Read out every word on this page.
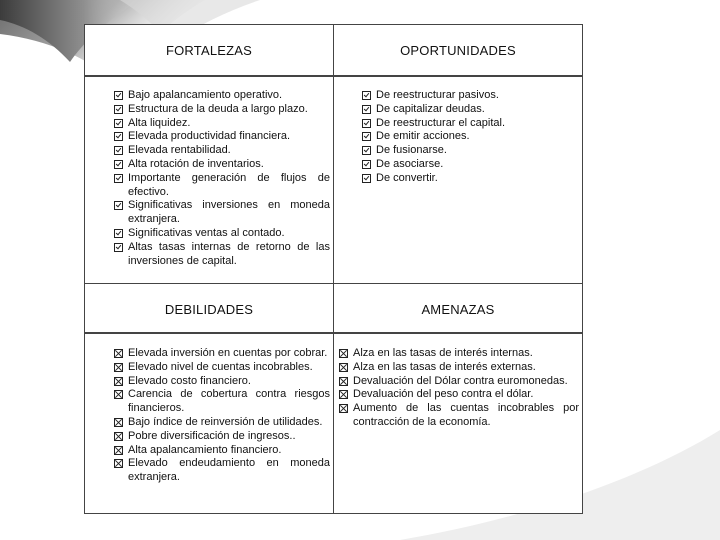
FORTALEZAS	OPORTUNIDADES
DEBILIDADES	AMENAZAS
Bajo apalancamiento operativo.
Estructura de la deuda a largo plazo.
Alta liquidez.
Elevada productividad financiera.
Elevada rentabilidad.
Alta rotación de inventarios.
Importante generación de flujos de efectivo.
Significativas inversiones en moneda extranjera.
Significativas ventas al contado.
Altas tasas internas de retorno de las inversiones de capital.
De reestructurar pasivos.
De capitalizar deudas.
De reestructurar el capital.
De emitir acciones.
De fusionarse.
De asociarse.
De convertir.
Elevada inversión en cuentas por cobrar.
Elevado nivel de cuentas incobrables.
Elevado costo financiero.
Carencia de cobertura contra riesgos financieros.
Bajo índice de reinversión de utilidades.
Pobre diversificación de ingresos..
Alta apalancamiento financiero.
Elevado endeudamiento en moneda extranjera.
Alza en las tasas de interés internas.
Alza en las tasas de interés externas.
Devaluación del Dólar contra euromonedas.
Devaluación del peso contra el dólar.
Aumento de las cuentas incobrables por contracción de la economía.
